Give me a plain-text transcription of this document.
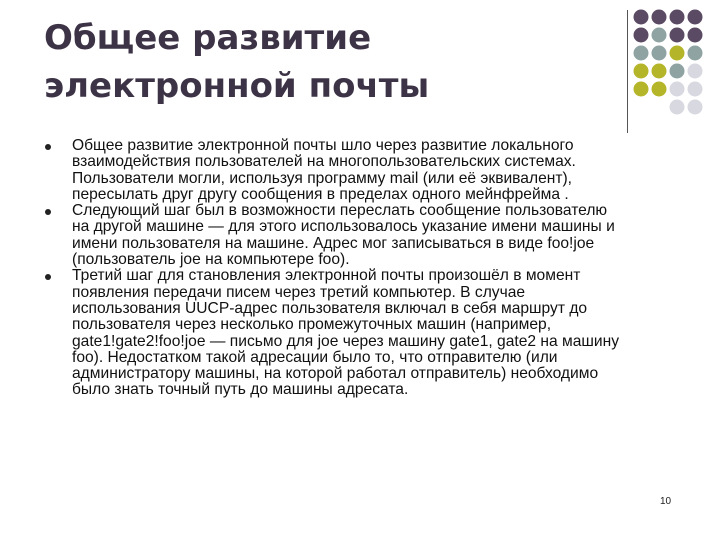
Общее развитие электронной почты
Общее развитие электронной почты шло через развитие локального
взаимодействия пользователей на многопользовательских системах.
Пользователи могли, используя программу mail (или её эквивалент),
пересылать друг другу сообщения в пределах одного мейнфрейма .
Следующий шаг был в возможности переслать сообщение пользователю
на другой машине — для этого использовалось указание имени машины и
имени пользователя на машине. Адрес мог записываться в виде foo!joe
(пользователь joe на компьютере foo).
Третий шаг для становления электронной почты произошёл в момент
появления передачи писем через третий компьютер. В случае
использования UUCP-адрес пользователя включал в себя маршрут до
пользователя через несколько промежуточных машин (например,
gate1!gate2!foo!joe — письмо для joe через машину gate1, gate2 на машину
foo). Недостатком такой адресации было то, что отправителю (или
администратору машины, на которой работал отправитель) необходимо
было знать точный путь до машины адресата.
10
